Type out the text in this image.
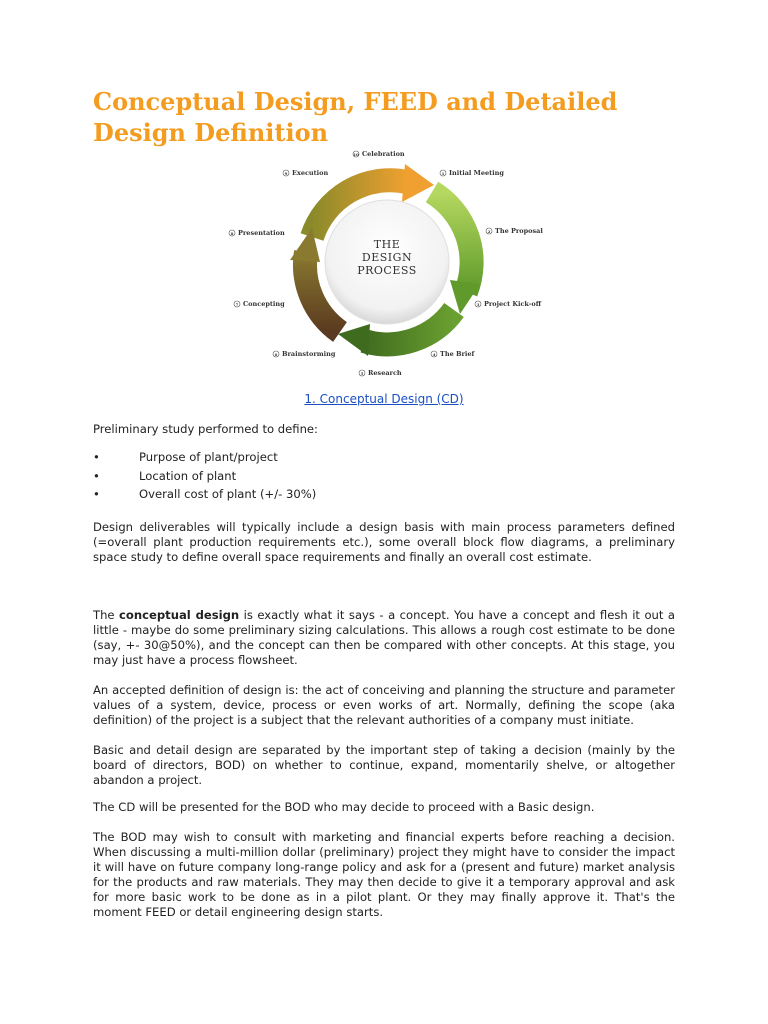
Conceptual Design, FEED and Detailed Design Definition
THE
DESIGN
PROCESS
10 Celebration
1 Initial Meeting
2 The Proposal
3 Project Kick-off
4 The Brief
5 Research
6 Brainstorming
7 Concepting
8 Presentation
9 Execution
1. Conceptual Design (CD)

Preliminary study performed to define:

•	Purpose of plant/project
•	Location of plant
•	Overall cost of plant (+/- 30%)

Design deliverables will typically include a design basis with main process parameters defined (=overall plant production requirements etc.), some overall block flow diagrams, a preliminary space study to define overall space requirements and finally an overall cost estimate.

The conceptual design is exactly what it says - a concept. You have a concept and flesh it out a little - maybe do some preliminary sizing calculations. This allows a rough cost estimate to be done (say, +- 30@50%), and the concept can then be compared with other concepts. At this stage, you may just have a process flowsheet.

An accepted definition of design is: the act of conceiving and planning the structure and parameter values of a system, device, process or even works of art. Normally, defining the scope (aka definition) of the project is a subject that the relevant authorities of a company must initiate.

Basic and detail design are separated by the important step of taking a decision (mainly by the board of directors, BOD) on whether to continue, expand, momentarily shelve, or altogether abandon a project.

The CD will be presented for the BOD who may decide to proceed with a Basic design.

The BOD may wish to consult with marketing and financial experts before reaching a decision. When discussing a multi-million dollar (preliminary) project they might have to consider the impact it will have on future company long-range policy and ask for a (present and future) market analysis for the products and raw materials. They may then decide to give it a temporary approval and ask for more basic work to be done as in a pilot plant. Or they may finally approve it. That's the moment FEED or detail engineering design starts.
